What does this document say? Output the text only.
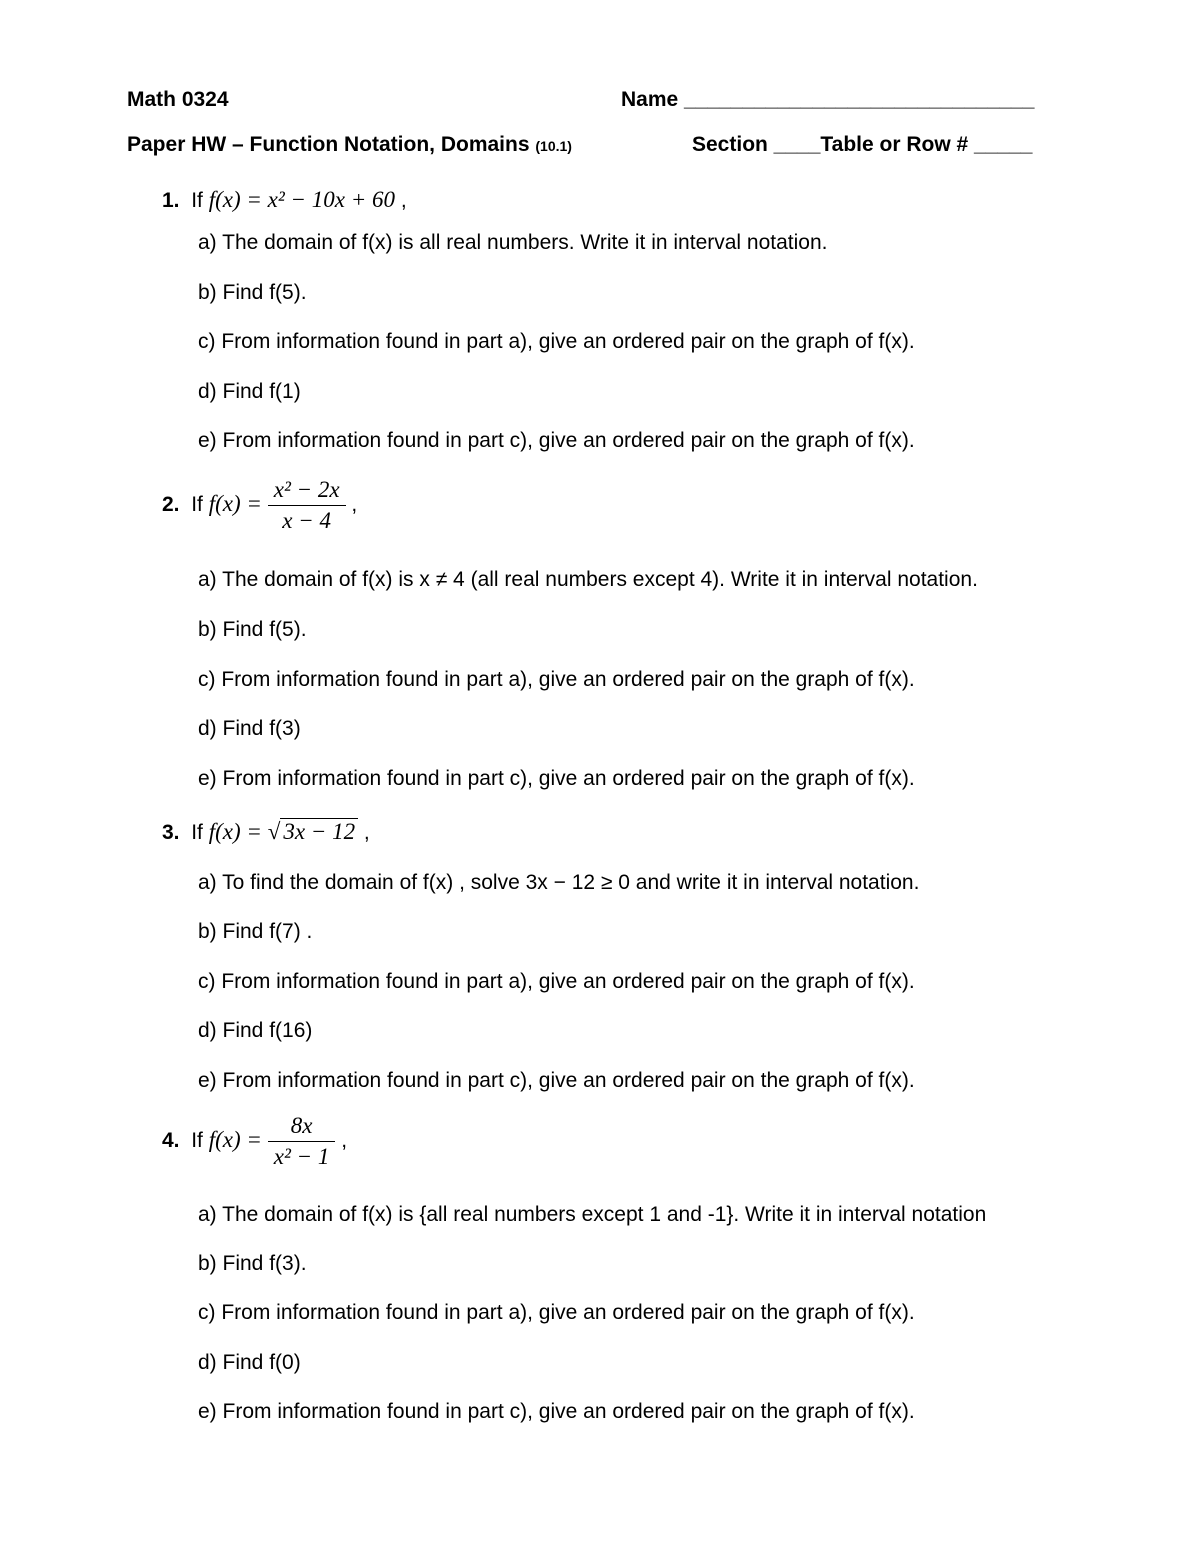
Math 0324	Name ______________________________
Paper HW – Function Notation, Domains (10.1)	Section ____Table or Row # _____
1. If f(x) = x² − 10x + 60 ,
a) The domain of f(x) is all real numbers. Write it in interval notation.
b) Find f(5).
c) From information found in part a), give an ordered pair on the graph of f(x).
d) Find f(1)
e) From information found in part c), give an ordered pair on the graph of f(x).
2. If $f(x) = \frac{\text{x² − 2x}}{x - 4}$ ,
a) The domain of f(x) is x ≠ 4 (all real numbers except 4). Write it in interval notation.
b) Find f(5).
c) From information found in part a), give an ordered pair on the graph of f(x).
d) Find f(3)
e) From information found in part c), give an ordered pair on the graph of f(x).
3. If f(x) = √ 3x − 12 ,
a) To find the domain of f(x) , solve 3x − 12 ≥ 0 and write it in interval notation.
b) Find f(7) .
c) From information found in part a), give an ordered pair on the graph of f(x).
d) Find f(16)
e) From information found in part c), give an ordered pair on the graph of f(x).
4. If $f(x) = \frac{8x}{\text{x² − 1}}$ ,
a) The domain of f(x) is {all real numbers except 1 and -1}. Write it in interval notation
b) Find f(3).
c) From information found in part a), give an ordered pair on the graph of f(x).
d) Find f(0)
e) From information found in part c), give an ordered pair on the graph of f(x).
